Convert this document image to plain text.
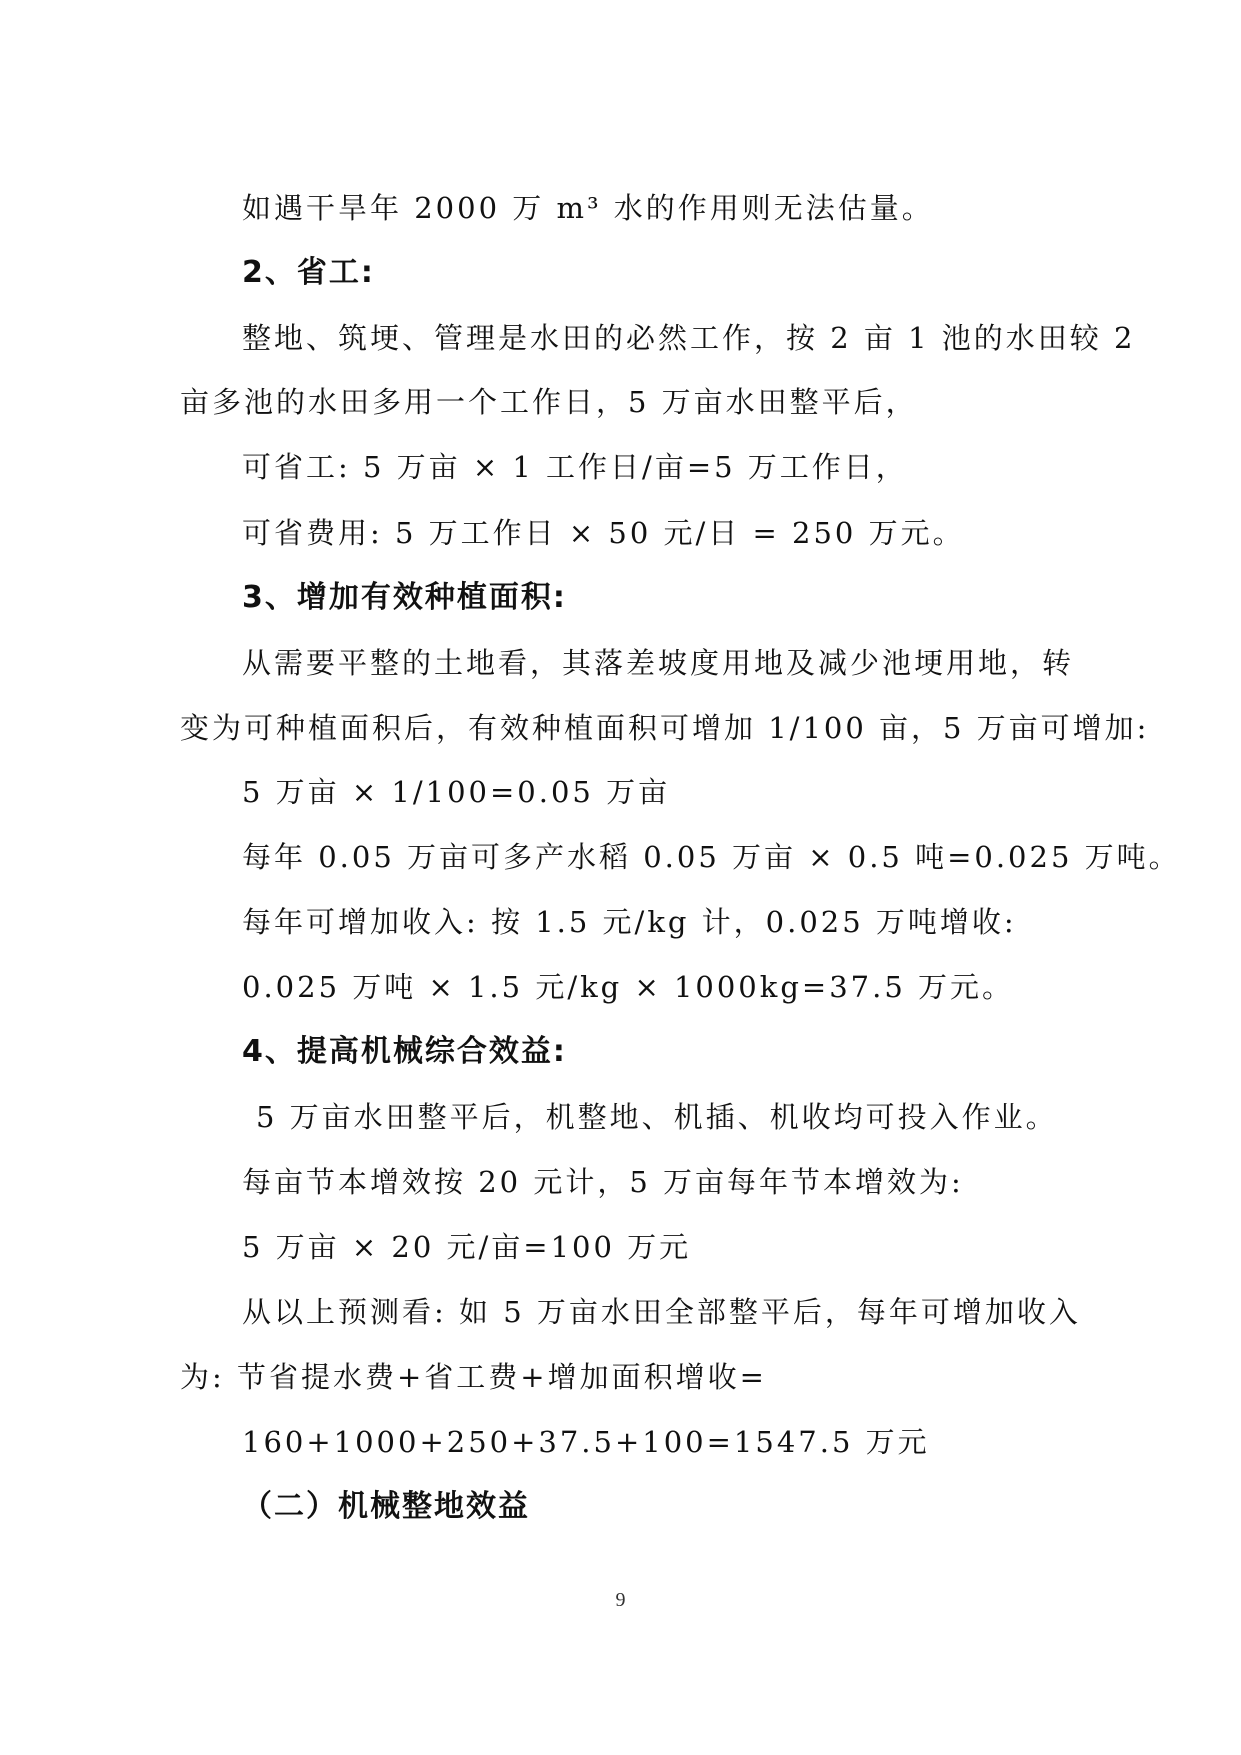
如遇干旱年 2000 万 m³ 水的作用则无法估量。
2、省工:
整地、筑埂、管理是水田的必然工作，按 2 亩 1 池的水田较 2
亩多池的水田多用一个工作日，5 万亩水田整平后，
可省工: 5 万亩 × 1 工作日/亩=5 万工作日，
可省费用: 5 万工作日 × 50 元/日 = 250 万元。
3、增加有效种植面积:
从需要平整的土地看，其落差坡度用地及减少池埂用地，转
变为可种植面积后，有效种植面积可增加 1/100 亩，5 万亩可增加:
5 万亩 × 1/100=0.05 万亩
每年 0.05 万亩可多产水稻 0.05 万亩 × 0.5 吨=0.025 万吨。
每年可增加收入: 按 1.5 元/kg 计，0.025 万吨增收:
0.025 万吨 × 1.5 元/kg × 1000kg=37.5 万元。
4、提高机械综合效益:
5 万亩水田整平后，机整地、机插、机收均可投入作业。
每亩节本增效按 20 元计，5 万亩每年节本增效为:
5 万亩 × 20 元/亩=100 万元
从以上预测看: 如 5 万亩水田全部整平后，每年可增加收入
为: 节省提水费+省工费+增加面积增收=
160+1000+250+37.5+100=1547.5 万元
（二）机械整地效益
9
